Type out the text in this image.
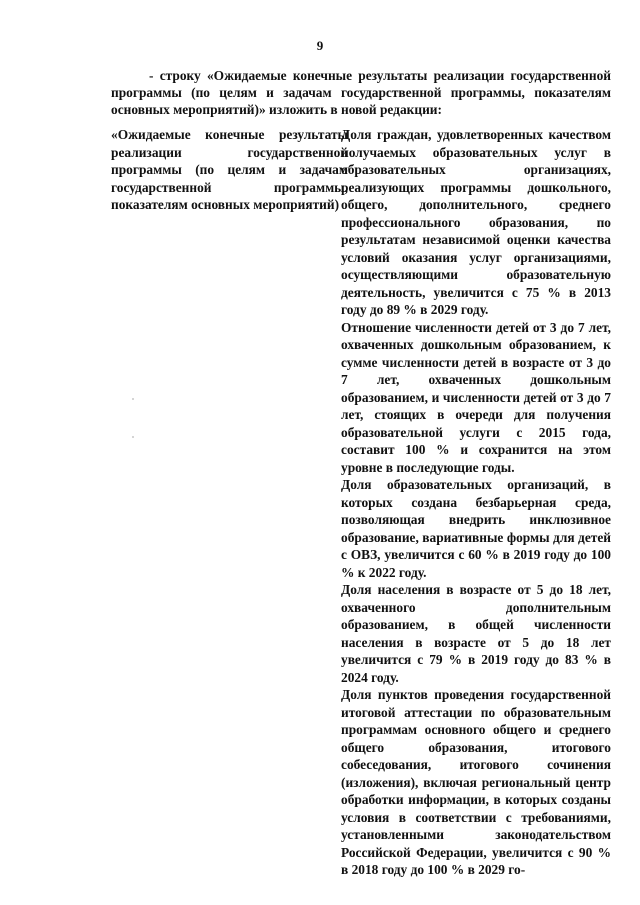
9
- строку «Ожидаемые конечные результаты реализации государственной программы (по целям и задачам государственной программы, показателям основных мероприятий)» изложить в новой редакции:
«Ожидаемые конечные результаты реализации государственной программы (по целям и задачам государственной программы, показателям основных мероприятий)

Доля граждан, удовлетворенных качеством получаемых образовательных услуг в образовательных организациях, реализующих программы дошкольного, общего, дополнительного, среднего профессионального образования, по результатам независимой оценки качества условий оказания услуг организациями, осуществляющими образовательную деятельность, увеличится с 75 % в 2013 году до 89 % в 2029 году.

Отношение численности детей от 3 до 7 лет, охваченных дошкольным образованием, к сумме численности детей в возрасте от 3 до 7 лет, охваченных дошкольным образованием, и численности детей от 3 до 7 лет, стоящих в очереди для получения образовательной услуги с 2015 года, составит 100 % и сохранится на этом уровне в последующие годы.

Доля образовательных организаций, в которых создана безбарьерная среда, позволяющая внедрить инклюзивное образование, вариативные формы для детей с ОВЗ, увеличится с 60 % в 2019 году до 100 % к 2022 году.

Доля населения в возрасте от 5 до 18 лет, охваченного дополнительным образованием, в общей численности населения в возрасте от 5 до 18 лет увеличится с 79 % в 2019 году до 83 % в 2024 году.

Доля пунктов проведения государственной итоговой аттестации по образовательным программам основного общего и среднего общего образования, итогового собеседования, итогового сочинения (изложения), включая региональный центр обработки информации, в которых созданы условия в соответствии с требованиями, установленными законодательством Российской Федерации, увеличится с 90 % в 2018 году до 100 % в 2029 го-
